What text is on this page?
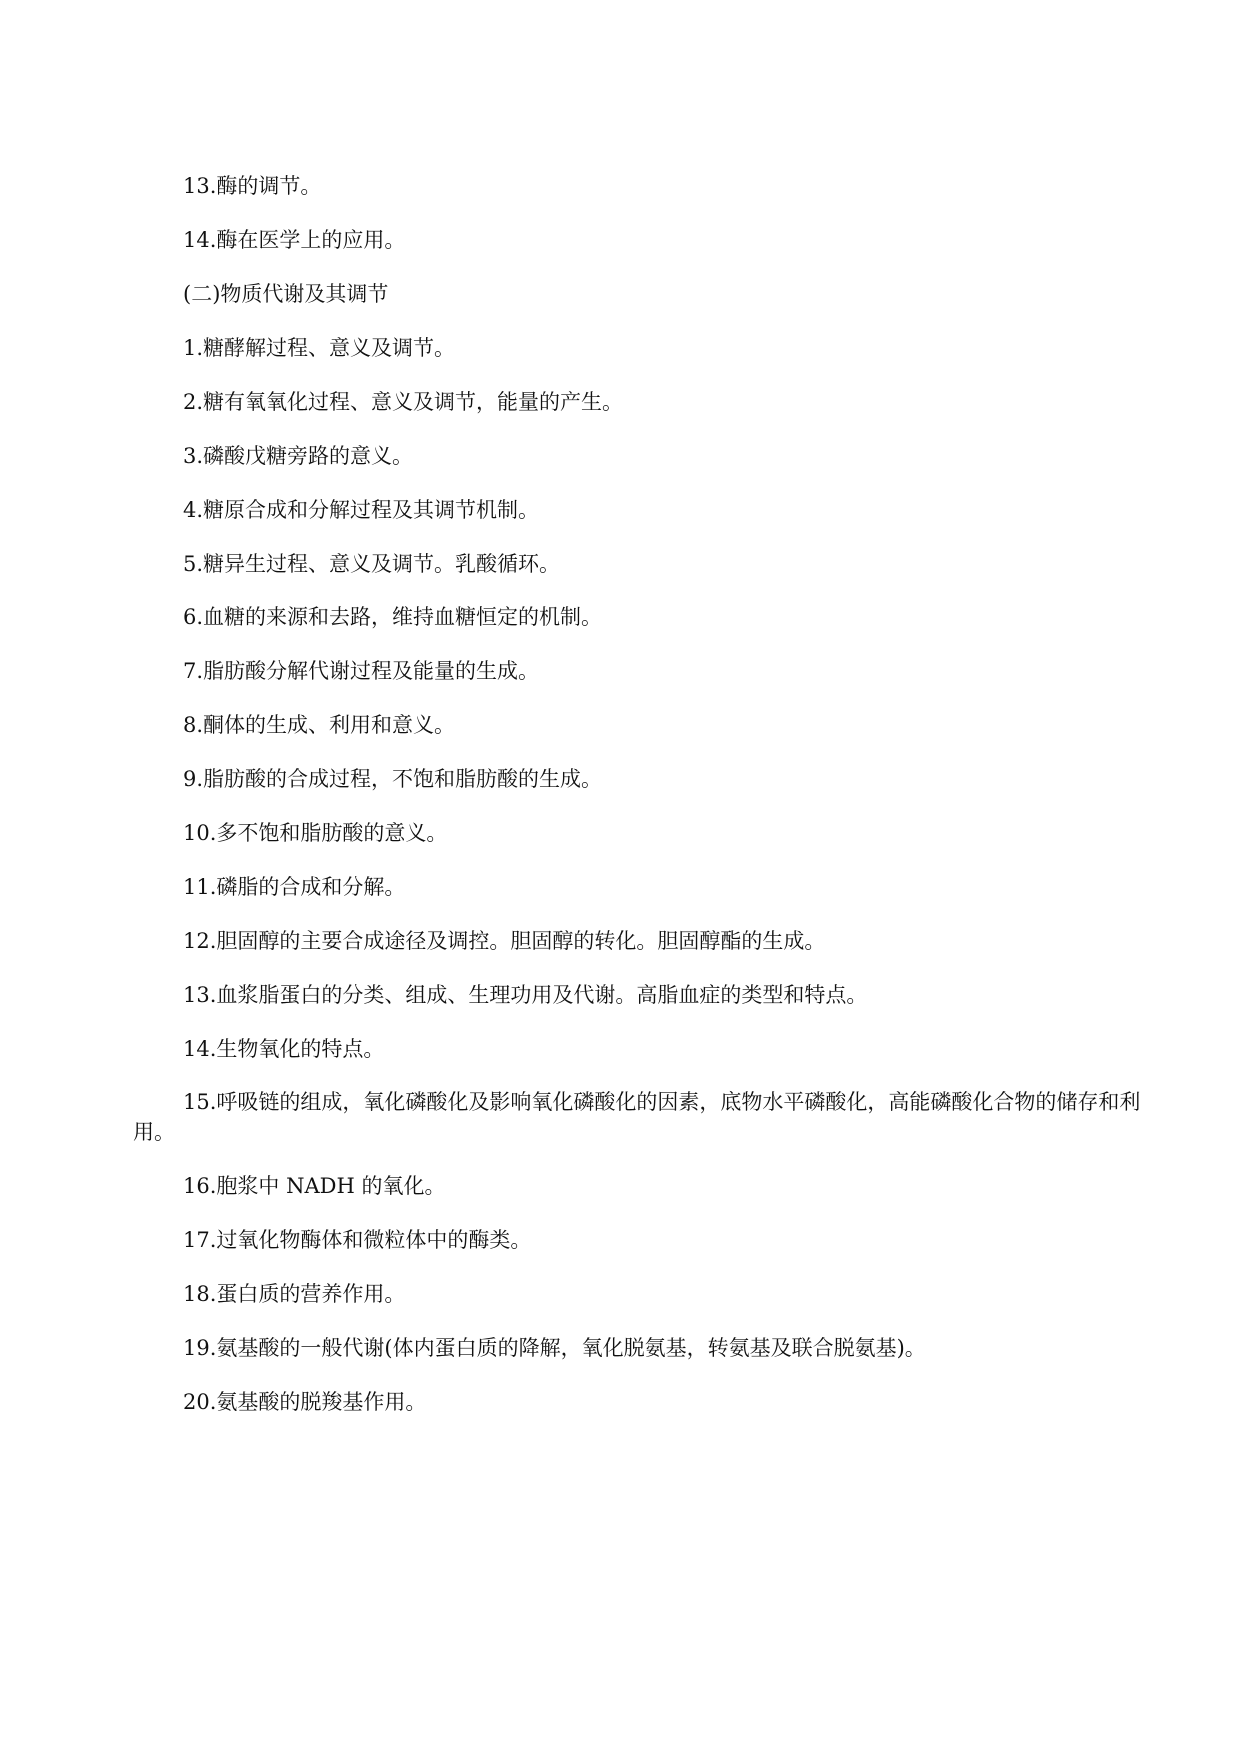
13.酶的调节。
14.酶在医学上的应用。
(二)物质代谢及其调节
1.糖酵解过程、意义及调节。
2.糖有氧氧化过程、意义及调节，能量的产生。
3.磷酸戊糖旁路的意义。
4.糖原合成和分解过程及其调节机制。
5.糖异生过程、意义及调节。乳酸循环。
6.血糖的来源和去路，维持血糖恒定的机制。
7.脂肪酸分解代谢过程及能量的生成。
8.酮体的生成、利用和意义。
9.脂肪酸的合成过程，不饱和脂肪酸的生成。
10.多不饱和脂肪酸的意义。
11.磷脂的合成和分解。
12.胆固醇的主要合成途径及调控。胆固醇的转化。胆固醇酯的生成。
13.血浆脂蛋白的分类、组成、生理功用及代谢。高脂血症的类型和特点。
14.生物氧化的特点。
15.呼吸链的组成，氧化磷酸化及影响氧化磷酸化的因素，底物水平磷酸化，高能磷酸化合物的储存和利用。
16.胞浆中 NADH 的氧化。
17.过氧化物酶体和微粒体中的酶类。
18.蛋白质的营养作用。
19.氨基酸的一般代谢(体内蛋白质的降解，氧化脱氨基，转氨基及联合脱氨基)。
20.氨基酸的脱羧基作用。
